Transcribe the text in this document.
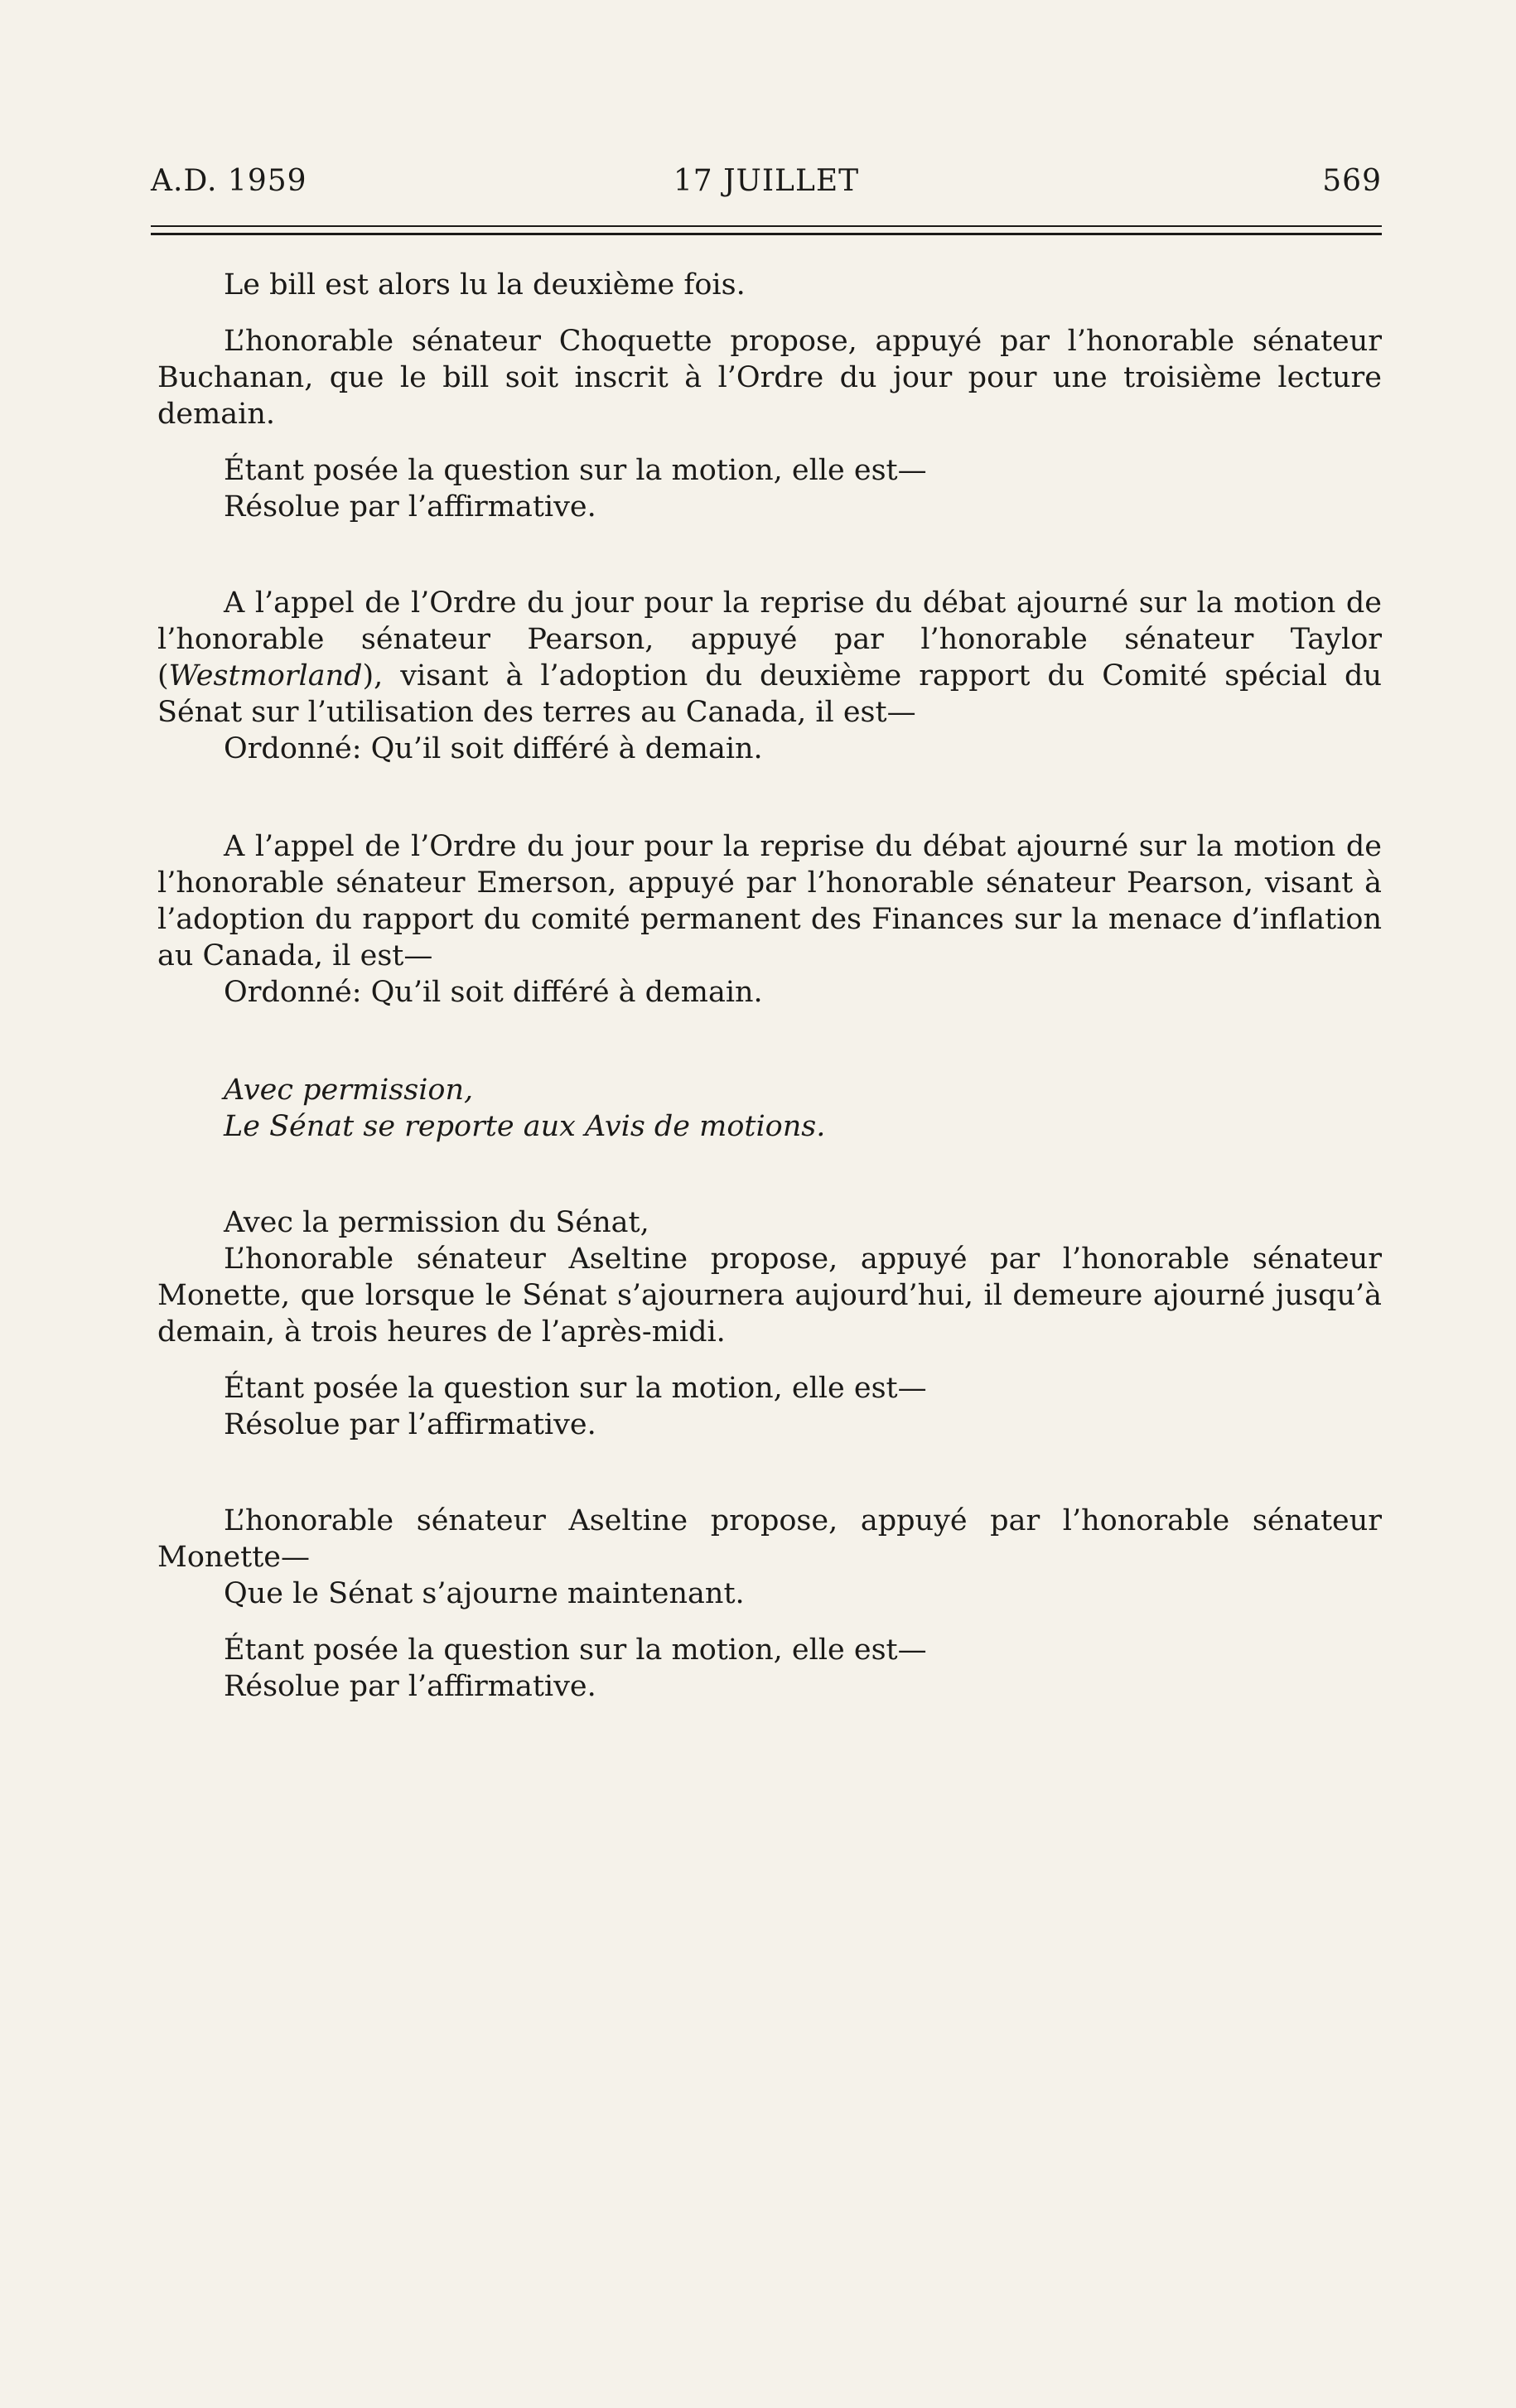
A.D. 1959	17 JUILLET	569

Le bill est alors lu la deuxième fois.

L’honorable sénateur Choquette propose, appuyé par l’honorable sénateur Buchanan, que le bill soit inscrit à l’Ordre du jour pour une troisième lecture demain.

Étant posée la question sur la motion, elle est—

Résolue par l’affirmative.

A l’appel de l’Ordre du jour pour la reprise du débat ajourné sur la motion de l’honorable sénateur Pearson, appuyé par l’honorable sénateur Taylor (Westmorland), visant à l’adoption du deuxième rapport du Comité spécial du Sénat sur l’utilisation des terres au Canada, il est—

Ordonné: Qu’il soit différé à demain.

A l’appel de l’Ordre du jour pour la reprise du débat ajourné sur la motion de l’honorable sénateur Emerson, appuyé par l’honorable sénateur Pearson, visant à l’adoption du rapport du comité permanent des Finances sur la menace d’inflation au Canada, il est—

Ordonné: Qu’il soit différé à demain.

Avec permission,

Le Sénat se reporte aux Avis de motions.

Avec la permission du Sénat,

L’honorable sénateur Aseltine propose, appuyé par l’honorable sénateur Monette, que lorsque le Sénat s’ajournera aujourd’hui, il demeure ajourné jusqu’à demain, à trois heures de l’après-midi.

Étant posée la question sur la motion, elle est—

Résolue par l’affirmative.

L’honorable sénateur Aseltine propose, appuyé par l’honorable sénateur Monette—

Que le Sénat s’ajourne maintenant.

Étant posée la question sur la motion, elle est—

Résolue par l’affirmative.
